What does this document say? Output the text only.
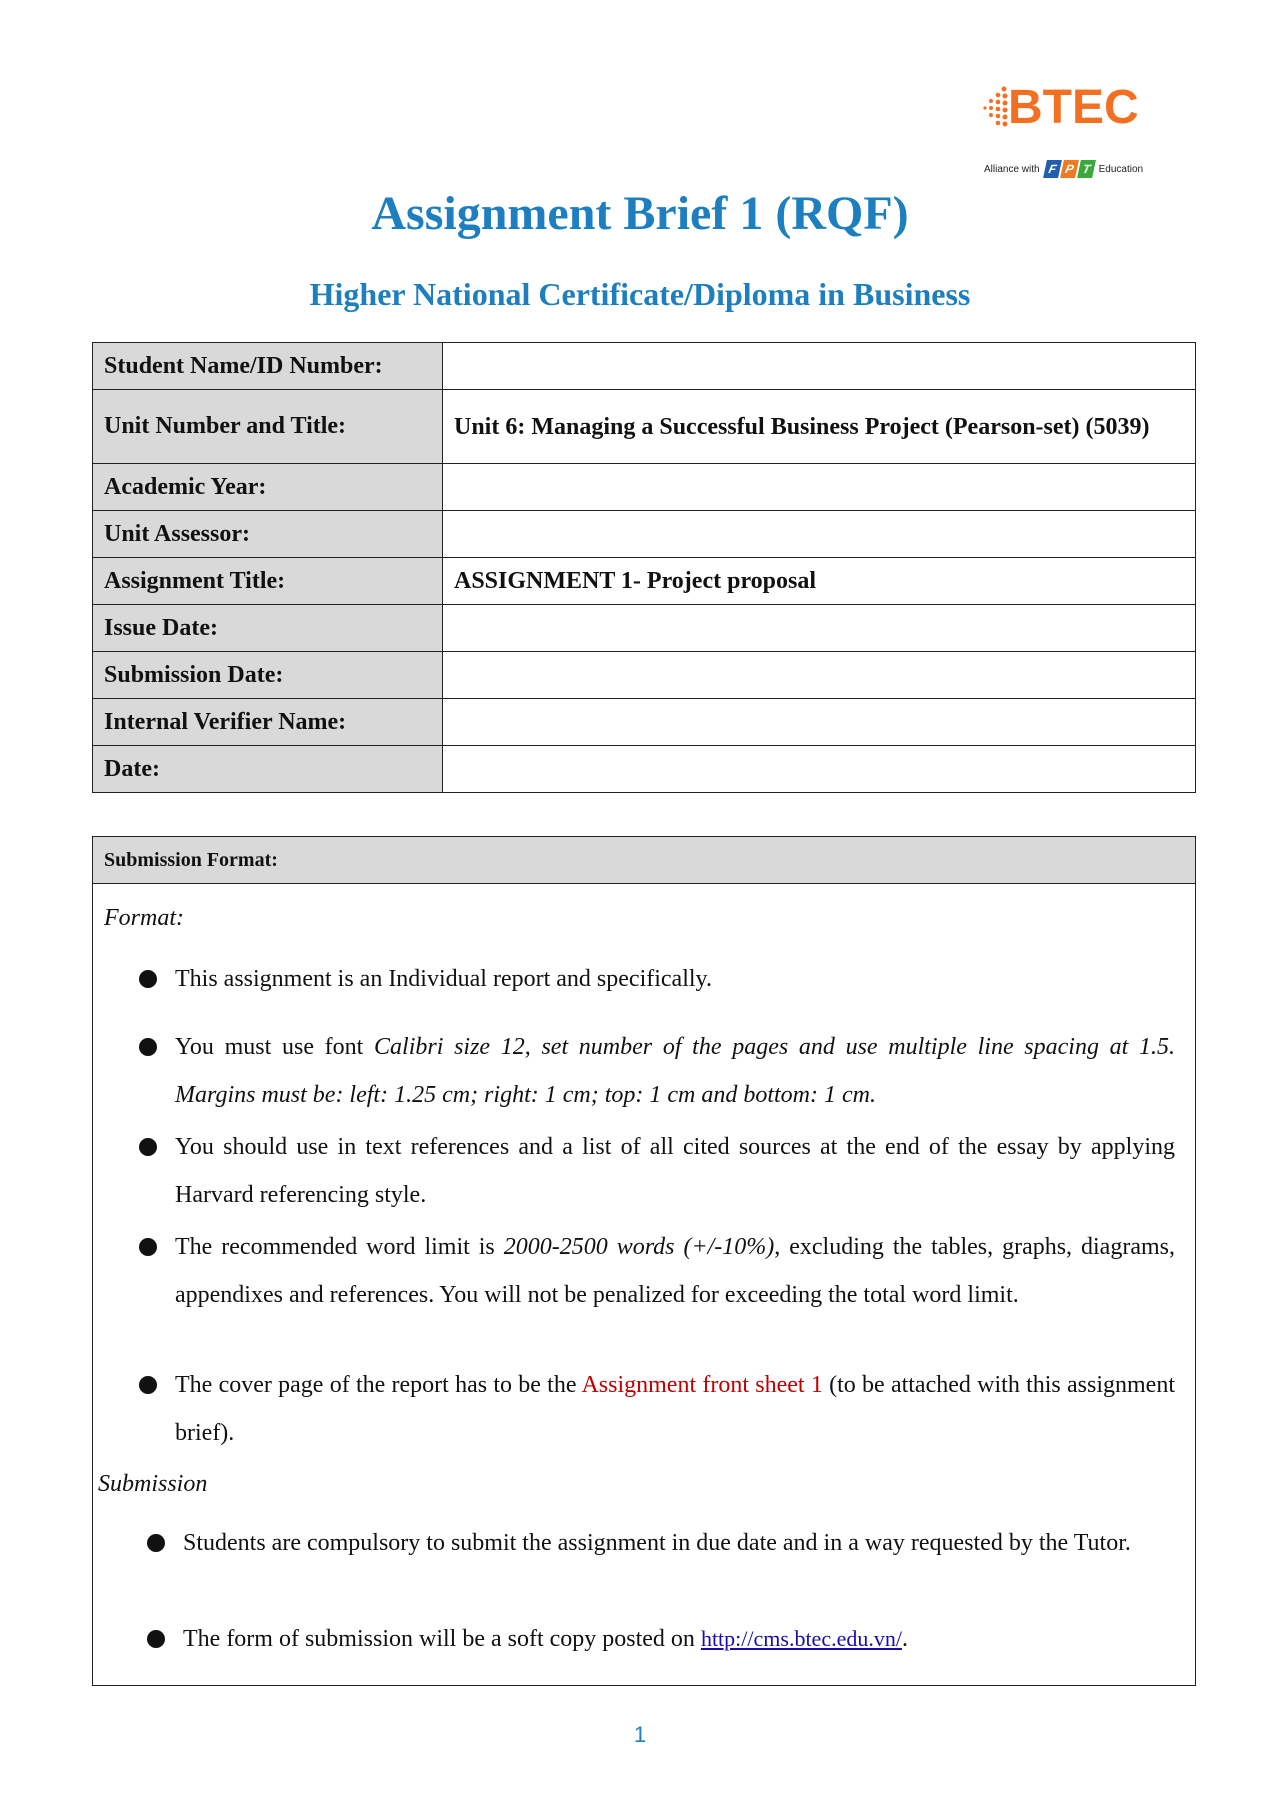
BTEC
Alliance with F P T Education
Assignment Brief 1 (RQF)
Higher National Certificate/Diploma in Business
Student Name/ID Number:	
Unit Number and Title:	Unit 6: Managing a Successful Business Project (Pearson-set) (5039)
Academic Year:	
Unit Assessor:	
Assignment Title:	ASSIGNMENT 1- Project proposal
Issue Date:	
Submission Date:	
Internal Verifier Name:	
Date:	
Submission Format:
Format:
This assignment is an Individual report and specifically.
You must use font Calibri size 12, set number of the pages and use multiple line spacing at 1.5. Margins must be: left: 1.25 cm; right: 1 cm; top: 1 cm and bottom: 1 cm.
You should use in text references and a list of all cited sources at the end of the essay by applying Harvard referencing style.
The recommended word limit is 2000-2500 words (+/-10%), excluding the tables, graphs, diagrams, appendixes and references. You will not be penalized for exceeding the total word limit.
The cover page of the report has to be the Assignment front sheet 1 (to be attached with this assignment brief).
Submission
Students are compulsory to submit the assignment in due date and in a way requested by the Tutor.
The form of submission will be a soft copy posted on http://cms.btec.edu.vn/.
1
